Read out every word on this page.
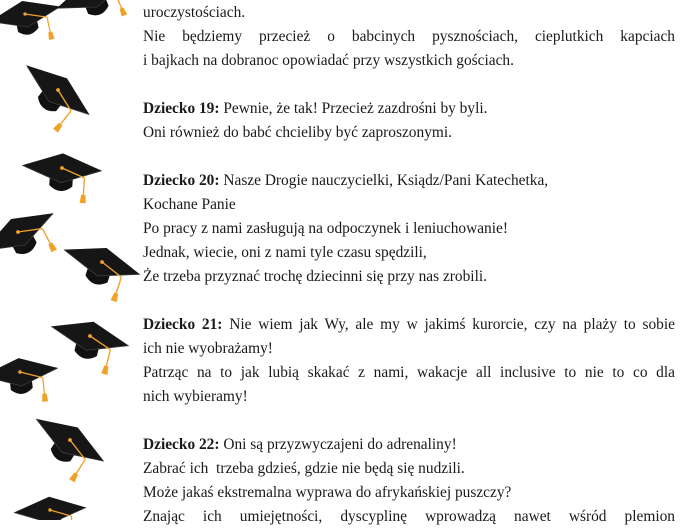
uroczystościach.
Nie będziemy przecież o babcinych pysznościach, cieplutkich kapciach
i bajkach na dobranoc opowiadać przy wszystkich gościach.
Dziecko 19: Pewnie, że tak! Przecież zazdrośni by byli.
Oni również do babć chcieliby być zaproszonymi.
Dziecko 20: Nasze Drogie nauczycielki, Ksiądz/Pani Katechetka,
Kochane Panie
Po pracy z nami zasługują na odpoczynek i leniuchowanie!
Jednak, wiecie, oni z nami tyle czasu spędzili,
Że trzeba przyznać trochę dziecinni się przy nas zrobili.
Dziecko 21: Nie wiem jak Wy, ale my w jakimś kurorcie, czy na plaży to sobie
ich nie wyobrażamy!
Patrząc na to jak lubią skakać z nami, wakacje all inclusive to nie to co dla
nich wybieramy!
Dziecko 22: Oni są przyzwyczajeni do adrenaliny!
Zabrać ich  trzeba gdzieś, gdzie nie będą się nudzili.
Może jakaś ekstremalna wyprawa do afrykańskiej puszczy?
Znając ich umiejętności, dyscyplinę wprowadzą nawet wśród plemion
